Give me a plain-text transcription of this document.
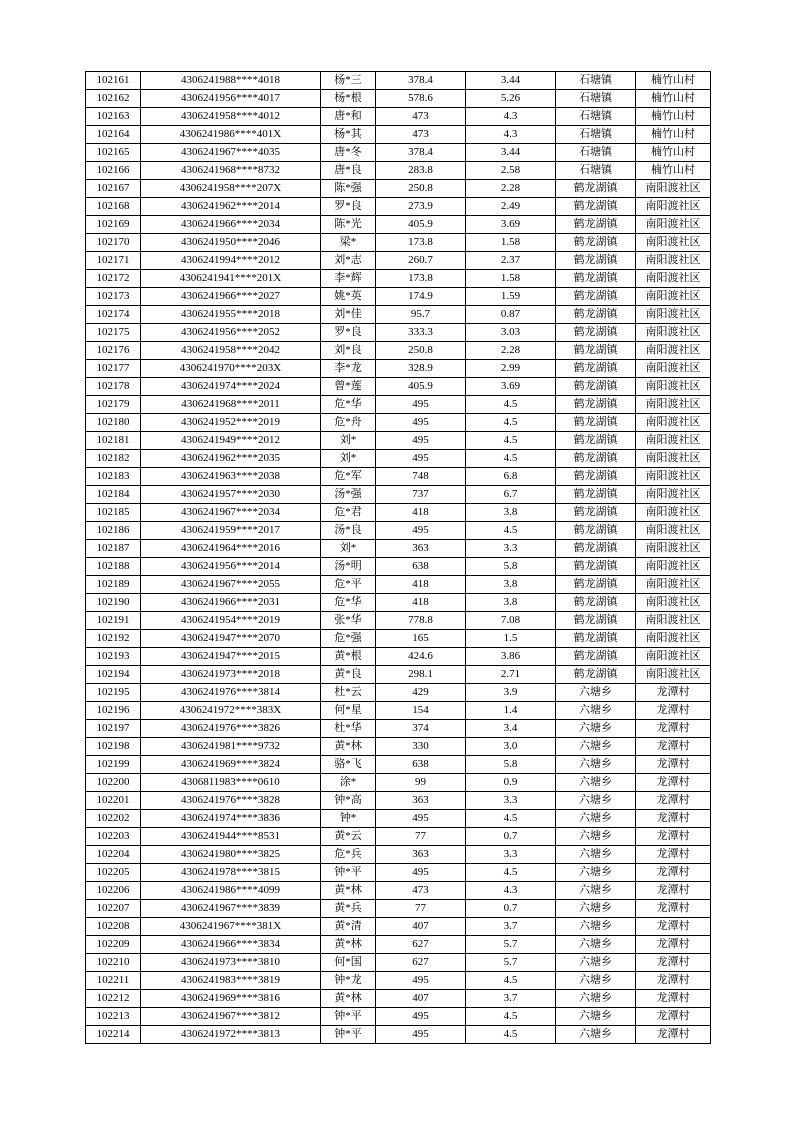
102161	4306241988****4018	杨*三	378.4	3.44	石塘镇	楠竹山村
102162	4306241956****4017	杨*根	578.6	5.26	石塘镇	楠竹山村
102163	4306241958****4012	唐*和	473	4.3	石塘镇	楠竹山村
102164	4306241986****401X	杨*其	473	4.3	石塘镇	楠竹山村
102165	4306241967****4035	唐*冬	378.4	3.44	石塘镇	楠竹山村
102166	4306241968****8732	唐*良	283.8	2.58	石塘镇	楠竹山村
102167	4306241958****207X	陈*强	250.8	2.28	鹤龙湖镇	南阳渡社区
102168	4306241962****2014	罗*良	273.9	2.49	鹤龙湖镇	南阳渡社区
102169	4306241966****2034	陈*光	405.9	3.69	鹤龙湖镇	南阳渡社区
102170	4306241950****2046	梁*	173.8	1.58	鹤龙湖镇	南阳渡社区
102171	4306241994****2012	刘*志	260.7	2.37	鹤龙湖镇	南阳渡社区
102172	4306241941****201X	李*辉	173.8	1.58	鹤龙湖镇	南阳渡社区
102173	4306241966****2027	姚*英	174.9	1.59	鹤龙湖镇	南阳渡社区
102174	4306241955****2018	刘*佳	95.7	0.87	鹤龙湖镇	南阳渡社区
102175	4306241956****2052	罗*良	333.3	3.03	鹤龙湖镇	南阳渡社区
102176	4306241958****2042	刘*良	250.8	2.28	鹤龙湖镇	南阳渡社区
102177	4306241970****203X	李*龙	328.9	2.99	鹤龙湖镇	南阳渡社区
102178	4306241974****2024	曾*莲	405.9	3.69	鹤龙湖镇	南阳渡社区
102179	4306241968****2011	危*华	495	4.5	鹤龙湖镇	南阳渡社区
102180	4306241952****2019	危*舟	495	4.5	鹤龙湖镇	南阳渡社区
102181	4306241949****2012	刘*	495	4.5	鹤龙湖镇	南阳渡社区
102182	4306241962****2035	刘*	495	4.5	鹤龙湖镇	南阳渡社区
102183	4306241963****2038	危*军	748	6.8	鹤龙湖镇	南阳渡社区
102184	4306241957****2030	汤*强	737	6.7	鹤龙湖镇	南阳渡社区
102185	4306241967****2034	危*君	418	3.8	鹤龙湖镇	南阳渡社区
102186	4306241959****2017	汤*良	495	4.5	鹤龙湖镇	南阳渡社区
102187	4306241964****2016	刘*	363	3.3	鹤龙湖镇	南阳渡社区
102188	4306241956****2014	汤*明	638	5.8	鹤龙湖镇	南阳渡社区
102189	4306241967****2055	危*平	418	3.8	鹤龙湖镇	南阳渡社区
102190	4306241966****2031	危*华	418	3.8	鹤龙湖镇	南阳渡社区
102191	4306241954****2019	张*华	778.8	7.08	鹤龙湖镇	南阳渡社区
102192	4306241947****2070	危*强	165	1.5	鹤龙湖镇	南阳渡社区
102193	4306241947****2015	黄*根	424.6	3.86	鹤龙湖镇	南阳渡社区
102194	4306241973****2018	黄*良	298.1	2.71	鹤龙湖镇	南阳渡社区
102195	4306241976****3814	杜*云	429	3.9	六塘乡	龙潭村
102196	4306241972****383X	何*星	154	1.4	六塘乡	龙潭村
102197	4306241976****3826	杜*华	374	3.4	六塘乡	龙潭村
102198	4306241981****9732	黄*林	330	3.0	六塘乡	龙潭村
102199	4306241969****3824	骆*飞	638	5.8	六塘乡	龙潭村
102200	4306811983****0610	涂*	99	0.9	六塘乡	龙潭村
102201	4306241976****3828	钟*高	363	3.3	六塘乡	龙潭村
102202	4306241974****3836	钟*	495	4.5	六塘乡	龙潭村
102203	4306241944****8531	黄*云	77	0.7	六塘乡	龙潭村
102204	4306241980****3825	危*兵	363	3.3	六塘乡	龙潭村
102205	4306241978****3815	钟*平	495	4.5	六塘乡	龙潭村
102206	4306241986****4099	黄*林	473	4.3	六塘乡	龙潭村
102207	4306241967****3839	黄*兵	77	0.7	六塘乡	龙潭村
102208	4306241967****381X	黄*清	407	3.7	六塘乡	龙潭村
102209	4306241966****3834	黄*林	627	5.7	六塘乡	龙潭村
102210	4306241973****3810	何*国	627	5.7	六塘乡	龙潭村
102211	4306241983****3819	钟*龙	495	4.5	六塘乡	龙潭村
102212	4306241969****3816	黄*林	407	3.7	六塘乡	龙潭村
102213	4306241967****3812	钟*平	495	4.5	六塘乡	龙潭村
102214	4306241972****3813	钟*平	495	4.5	六塘乡	龙潭村
